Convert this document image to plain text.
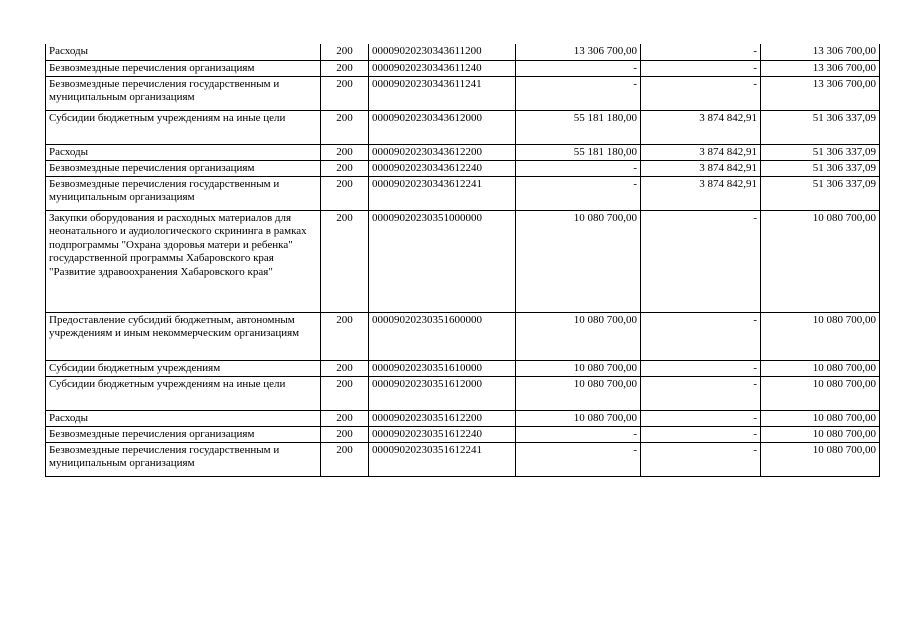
Расходы	200	00009020230343611200	13 306 700,00	-	13 306 700,00
Безвозмездные перечисления организациям	200	00009020230343611240	-	-	13 306 700,00
Безвозмездные перечисления государственным и муниципальным организациям	200	00009020230343611241	-	-	13 306 700,00
Субсидии бюджетным учреждениям на иные цели	200	00009020230343612000	55 181 180,00	3 874 842,91	51 306 337,09
Расходы	200	00009020230343612200	55 181 180,00	3 874 842,91	51 306 337,09
Безвозмездные перечисления организациям	200	00009020230343612240	-	3 874 842,91	51 306 337,09
Безвозмездные перечисления государственным и муниципальным организациям	200	00009020230343612241	-	3 874 842,91	51 306 337,09
Закупки оборудования и расходных материалов для неонатального и аудиологического скрининга в рамках подпрограммы "Охрана здоровья матери и ребенка" государственной программы Хабаровского края "Развитие здравоохранения Хабаровского края"	200	00009020230351000000	10 080 700,00	-	10 080 700,00
Предоставление субсидий бюджетным, автономным учреждениям и иным некоммерческим организациям	200	00009020230351600000	10 080 700,00	-	10 080 700,00
Субсидии бюджетным учреждениям	200	00009020230351610000	10 080 700,00	-	10 080 700,00
Субсидии бюджетным учреждениям на иные цели	200	00009020230351612000	10 080 700,00	-	10 080 700,00
Расходы	200	00009020230351612200	10 080 700,00	-	10 080 700,00
Безвозмездные перечисления организациям	200	00009020230351612240	-	-	10 080 700,00
Безвозмездные перечисления государственным и муниципальным организациям	200	00009020230351612241	-	-	10 080 700,00
